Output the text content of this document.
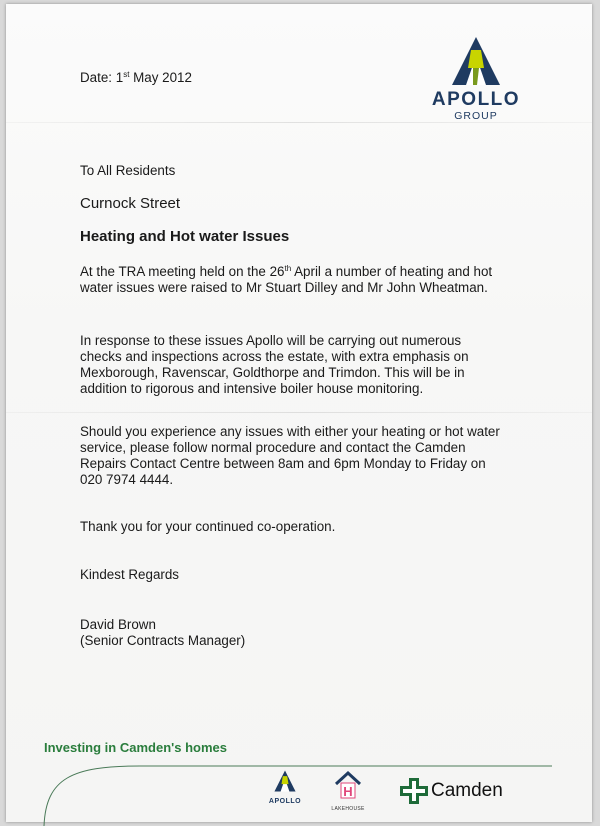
Date: 1st May 2012
APOLLO
GROUP

To All Residents

Curnock Street

Heating and Hot water Issues

At the TRA meeting held on the 26th April a number of heating and hot water issues were raised to Mr Stuart Dilley and Mr John Wheatman.

In response to these issues Apollo will be carrying out numerous checks and inspections across the estate, with extra emphasis on Mexborough, Ravenscar, Goldthorpe and Trimdon. This will be in addition to rigorous and intensive boiler house monitoring.

Should you experience any issues with either your heating or hot water service, please follow normal procedure and contact the Camden Repairs Contact Centre between 8am and 6pm Monday to Friday on 020 7974 4444.

Thank you for your continued co-operation.

Kindest Regards

David Brown

(Senior Contracts Manager)

Investing in Camden's homes
APOLLO
H
LAKEHOUSE
Camden
